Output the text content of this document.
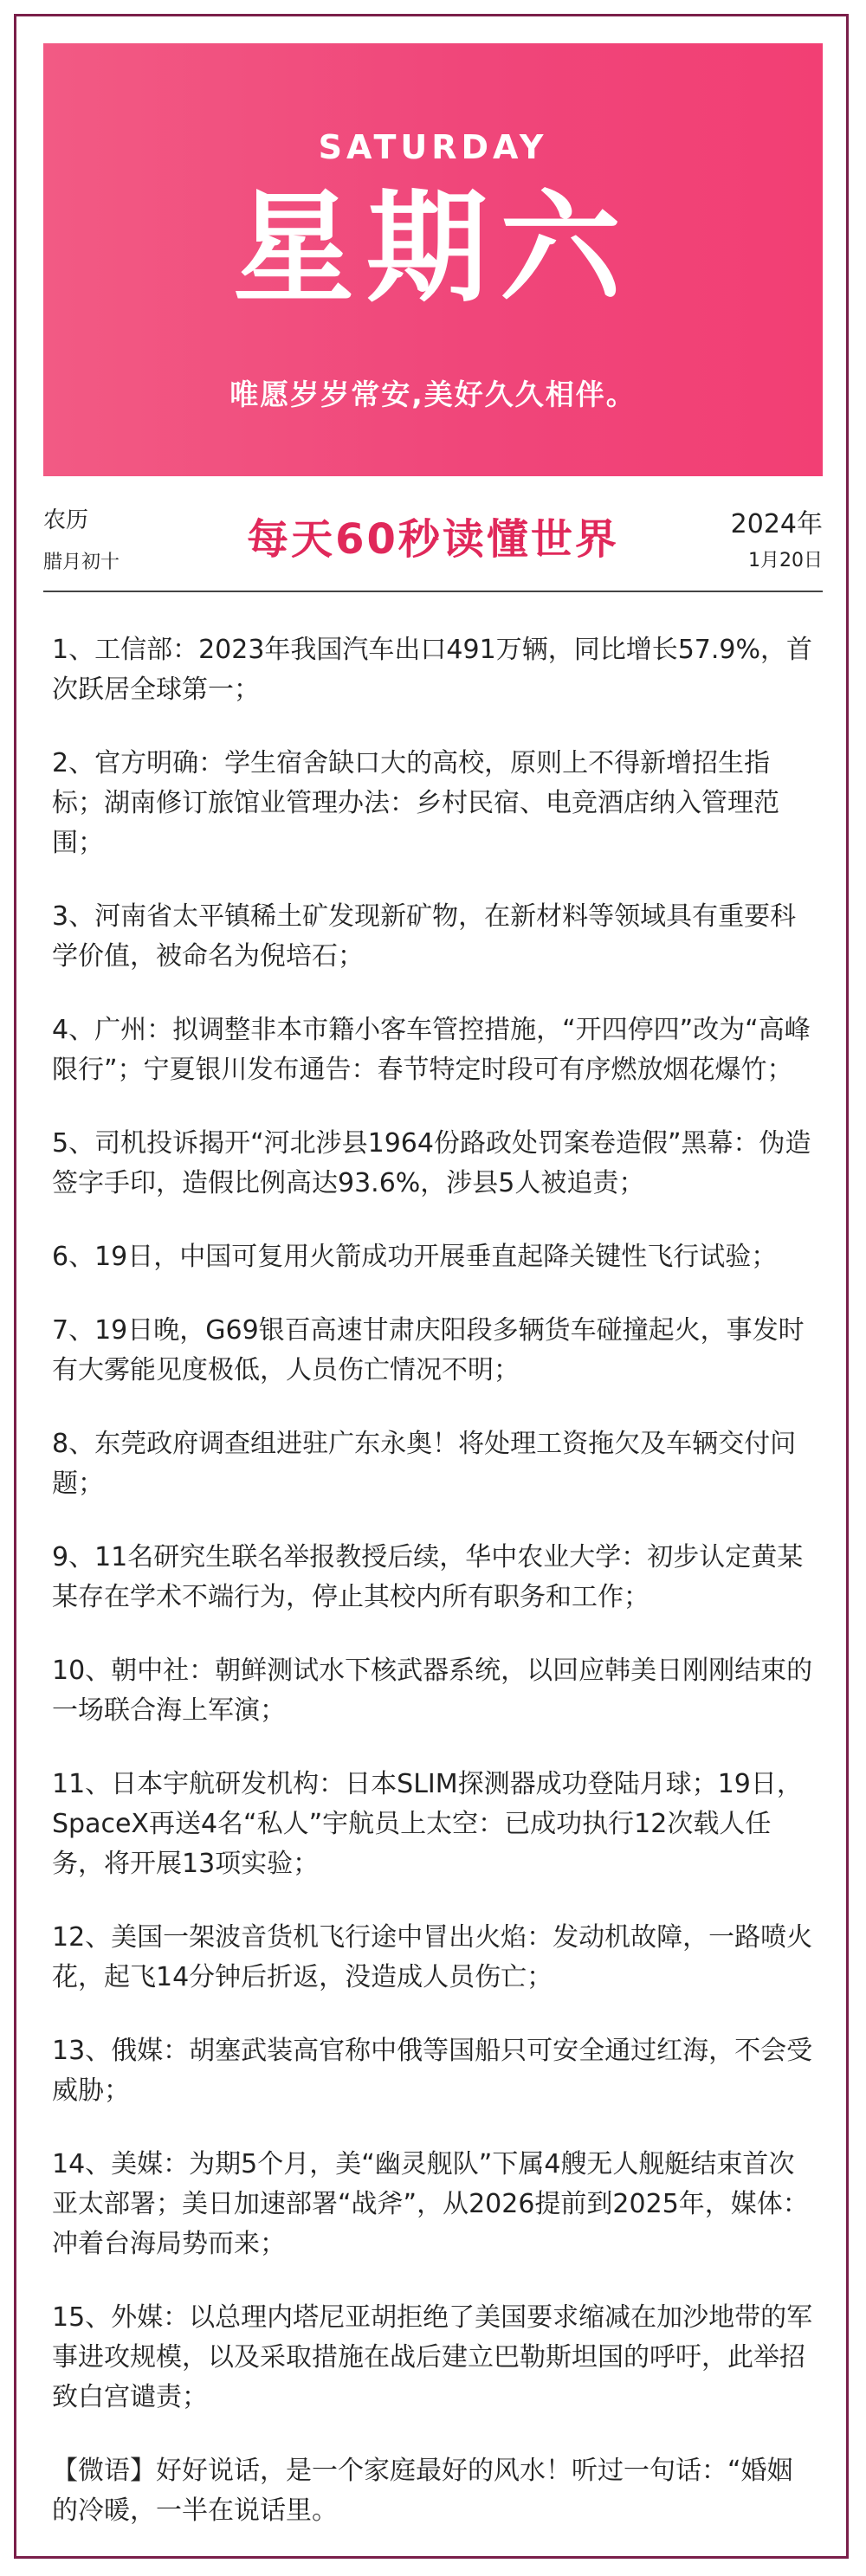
SATURDAY
星期六
唯愿岁岁常安,美好久久相伴。
农历
腊月初十	每天60秒读懂世界	2024年
1月20日

1、工信部：2023年我国汽车出口491万辆，同比增长57.9%，首次跃居全球第一；

2、官方明确：学生宿舍缺口大的高校，原则上不得新增招生指标；湖南修订旅馆业管理办法：乡村民宿、电竞酒店纳入管理范围；

3、河南省太平镇稀土矿发现新矿物，在新材料等领域具有重要科学价值，被命名为倪培石；

4、广州：拟调整非本市籍小客车管控措施，“开四停四”改为“高峰限行”；宁夏银川发布通告：春节特定时段可有序燃放烟花爆竹；

5、司机投诉揭开“河北涉县1964份路政处罚案卷造假”黑幕：伪造签字手印，造假比例高达93.6%，涉县5人被追责；

6、19日，中国可复用火箭成功开展垂直起降关键性飞行试验；

7、19日晚，G69银百高速甘肃庆阳段多辆货车碰撞起火，事发时有大雾能见度极低，人员伤亡情况不明；

8、东莞政府调查组进驻广东永奥！将处理工资拖欠及车辆交付问题；

9、11名研究生联名举报教授后续，华中农业大学：初步认定黄某某存在学术不端行为，停止其校内所有职务和工作；

10、朝中社：朝鲜测试水下核武器系统，以回应韩美日刚刚结束的一场联合海上军演；

11、日本宇航研发机构：日本SLIM探测器成功登陆月球；19日，SpaceX再送4名“私人”宇航员上太空：已成功执行12次载人任务，将开展13项实验；

12、美国一架波音货机飞行途中冒出火焰：发动机故障，一路喷火花，起飞14分钟后折返，没造成人员伤亡；

13、俄媒：胡塞武装高官称中俄等国船只可安全通过红海，不会受威胁；

14、美媒：为期5个月，美“幽灵舰队”下属4艘无人舰艇结束首次亚太部署；美日加速部署“战斧”，从2026提前到2025年，媒体：冲着台海局势而来；

15、外媒：以总理内塔尼亚胡拒绝了美国要求缩减在加沙地带的军事进攻规模，以及采取措施在战后建立巴勒斯坦国的呼吁，此举招致白宫谴责；

【微语】好好说话，是一个家庭最好的风水！听过一句话：“婚姻的冷暖，一半在说话里。
